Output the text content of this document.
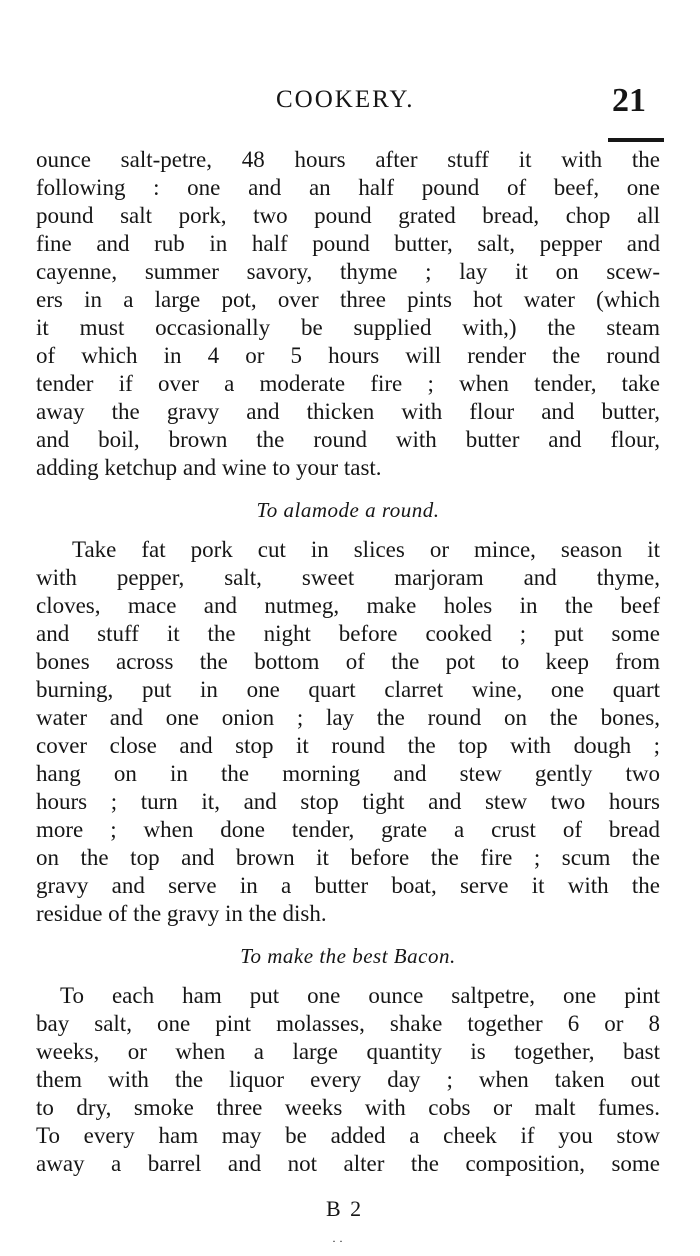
COOKERY.	21
ounce salt-petre, 48 hours after stuff it with the
following : one and an half pound of beef, one
pound salt pork, two pound grated bread, chop all
fine and rub in half pound butter, salt, pepper and
cayenne, summer savory, thyme ; lay it on scew-
ers in a large pot, over three pints hot water (which
it must occasionally be supplied with,) the steam
of which in 4 or 5 hours will render the round
tender if over a moderate fire ; when tender, take
away the gravy and thicken with flour and butter,
and boil, brown the round with butter and flour,
adding ketchup and wine to your tast.
To alamode a round.
Take fat pork cut in slices or mince, season it
with pepper, salt, sweet marjoram and thyme,
cloves, mace and nutmeg, make holes in the beef
and stuff it the night before cooked ; put some
bones across the bottom of the pot to keep from
burning, put in one quart clarret wine, one quart
water and one onion ; lay the round on the bones,
cover close and stop it round the top with dough ;
hang on in the morning and stew gently two
hours ; turn it, and stop tight and stew two hours
more ; when done tender, grate a crust of bread
on the top and brown it before the fire ; scum the
gravy and serve in a butter boat, serve it with the
residue of the gravy in the dish.
To make the best Bacon.
To each ham put one ounce saltpetre, one pint
bay salt, one pint molasses, shake together 6 or 8
weeks, or when a large quantity is together, bast
them with the liquor every day ; when taken out
to dry, smoke three weeks with cobs or malt fumes.
To every ham may be added a cheek if you stow
away a barrel and not alter the composition, some
B 2
· ·
